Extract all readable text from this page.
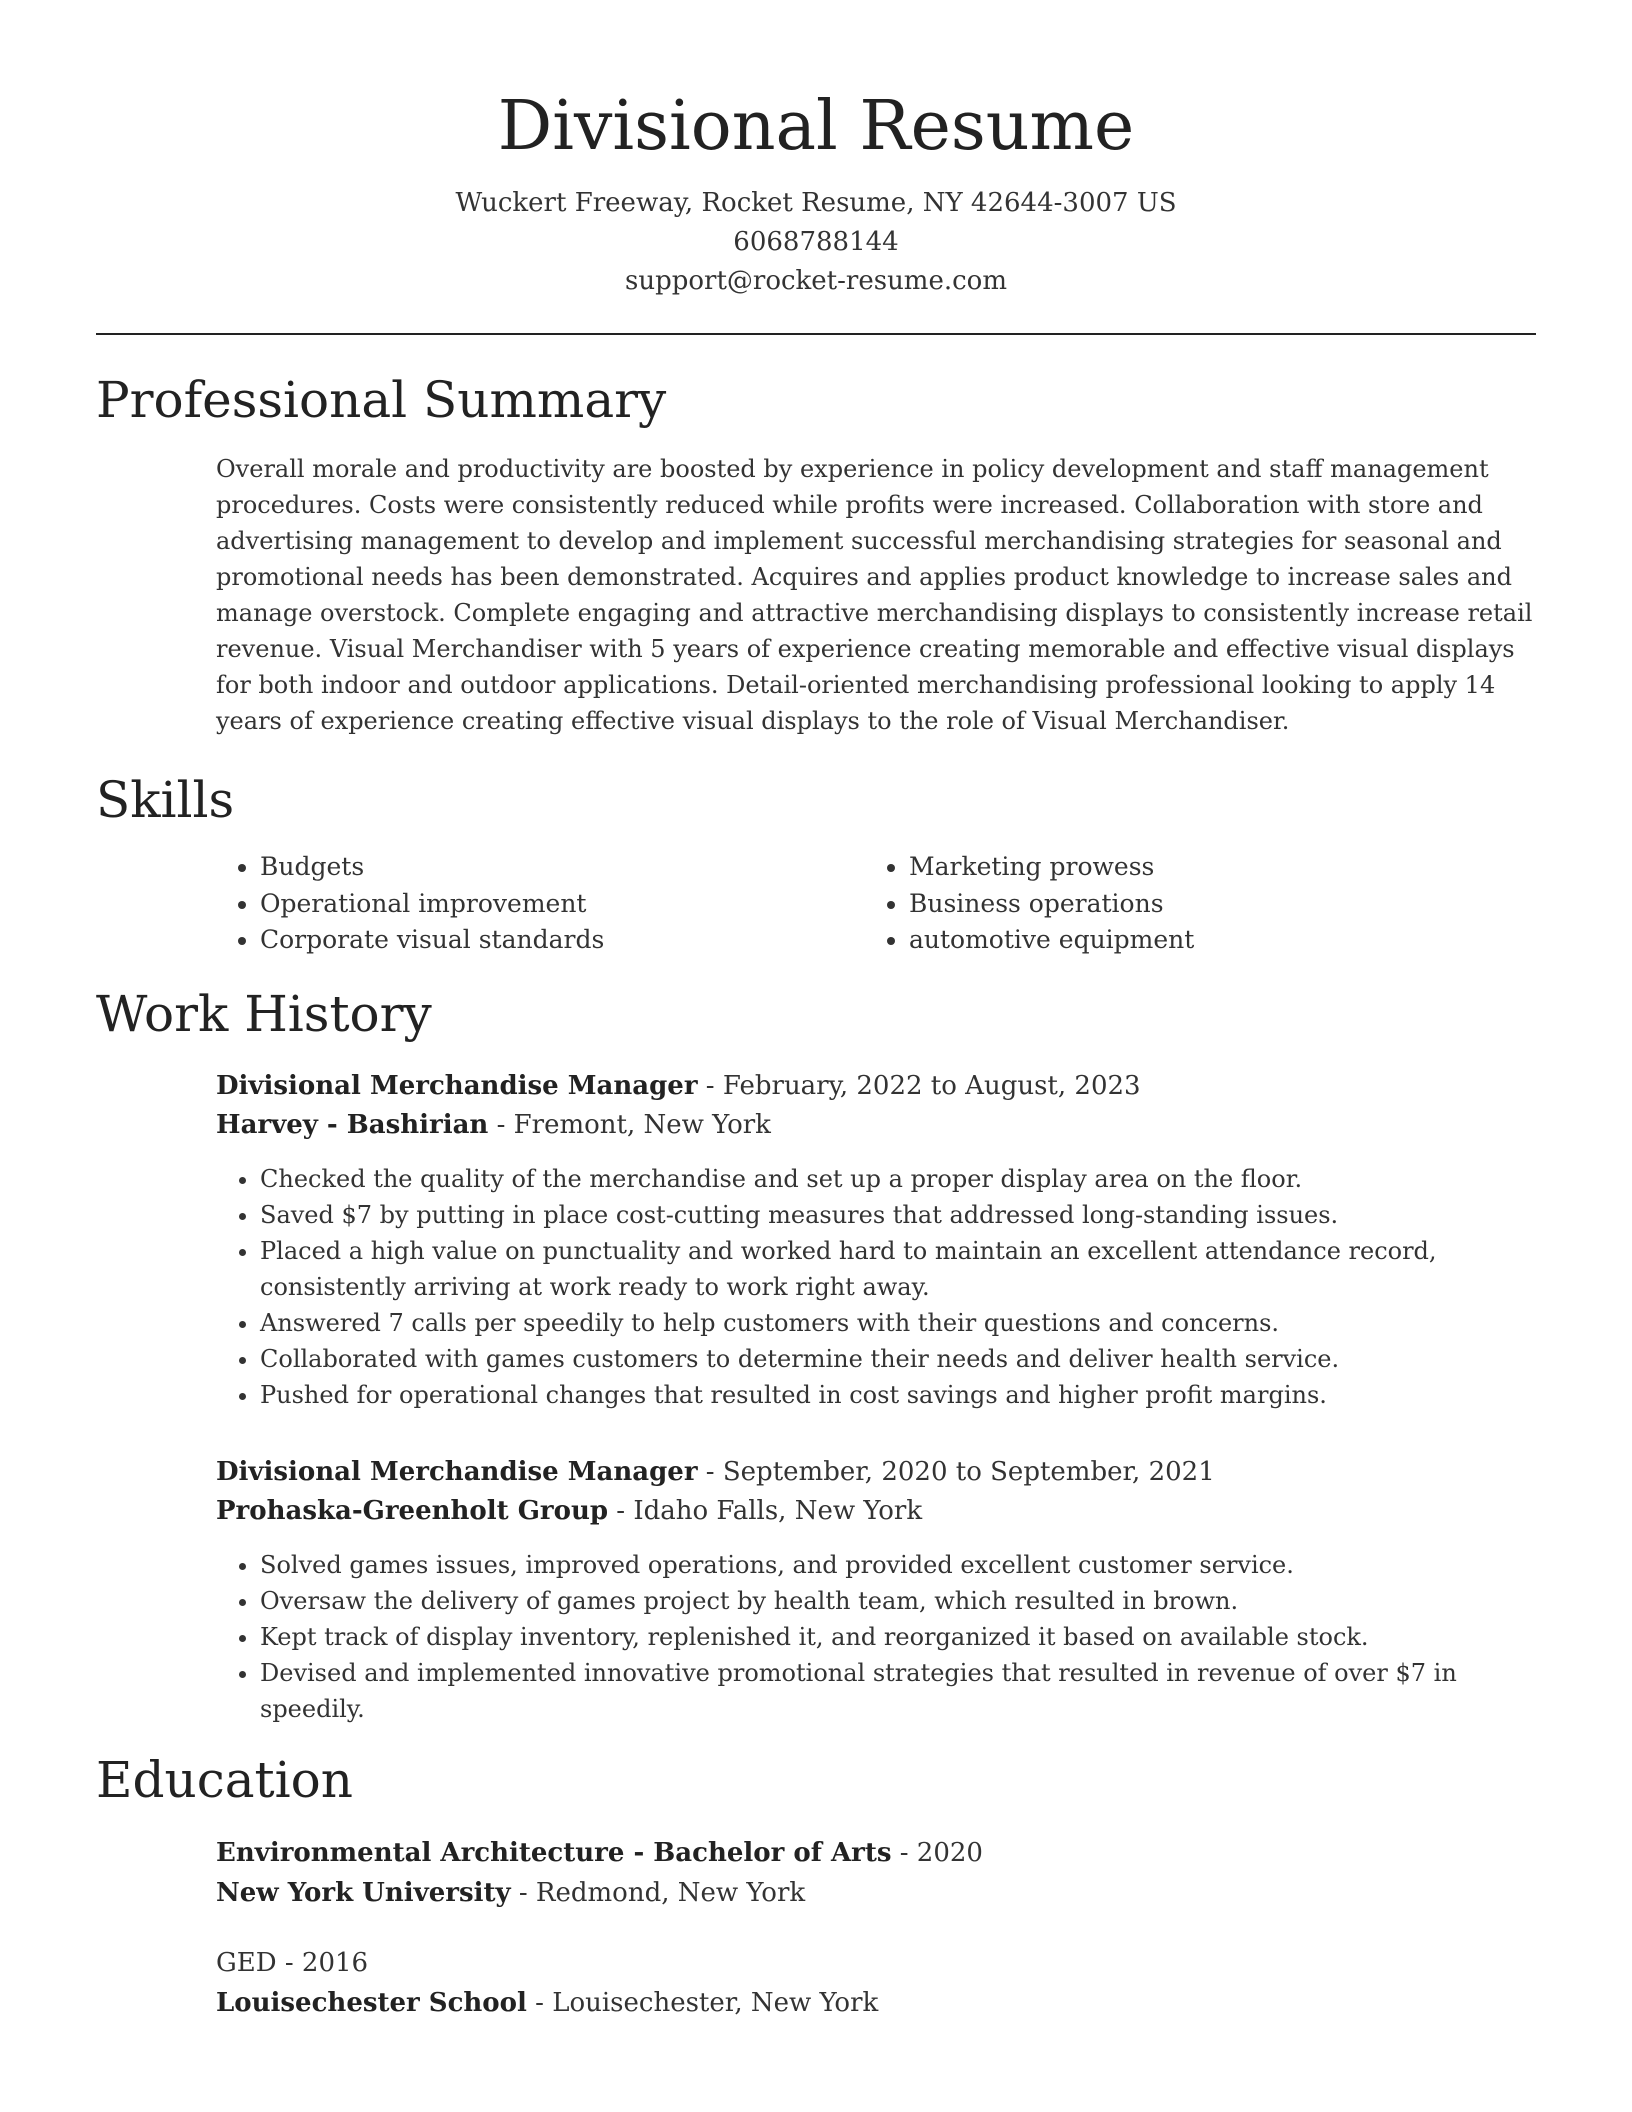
Divisional Resume
Wuckert Freeway, Rocket Resume, NY 42644-3007 US
6068788144
support@rocket-resume.com
Professional Summary

Overall morale and productivity are boosted by experience in policy development and staff management procedures. Costs were consistently reduced while profits were increased. Collaboration with store and advertising management to develop and implement successful merchandising strategies for seasonal and promotional needs has been demonstrated. Acquires and applies product knowledge to increase sales and manage overstock. Complete engaging and attractive merchandising displays to consistently increase retail revenue. Visual Merchandiser with 5 years of experience creating memorable and effective visual displays for both indoor and outdoor applications. Detail-oriented merchandising professional looking to apply 14 years of experience creating effective visual displays to the role of Visual Merchandiser.

Skills
• Budgets
• Operational improvement
• Corporate visual standards
• Marketing prowess
• Business operations
• automotive equipment
Work History
Divisional Merchandise Manager - February, 2022 to August, 2023
Harvey - Bashirian - Fremont, New York
• Checked the quality of the merchandise and set up a proper display area on the floor.
• Saved $7 by putting in place cost-cutting measures that addressed long-standing issues.
• Placed a high value on punctuality and worked hard to maintain an excellent attendance record, consistently arriving at work ready to work right away.
• Answered 7 calls per speedily to help customers with their questions and concerns.
• Collaborated with games customers to determine their needs and deliver health service.
• Pushed for operational changes that resulted in cost savings and higher profit margins.
Divisional Merchandise Manager - September, 2020 to September, 2021
Prohaska-Greenholt Group - Idaho Falls, New York
• Solved games issues, improved operations, and provided excellent customer service.
• Oversaw the delivery of games project by health team, which resulted in brown.
• Kept track of display inventory, replenished it, and reorganized it based on available stock.
• Devised and implemented innovative promotional strategies that resulted in revenue of over $7 in speedily.
Education
Environmental Architecture - Bachelor of Arts - 2020
New York University - Redmond, New York
GED - 2016
Louisechester School - Louisechester, New York
